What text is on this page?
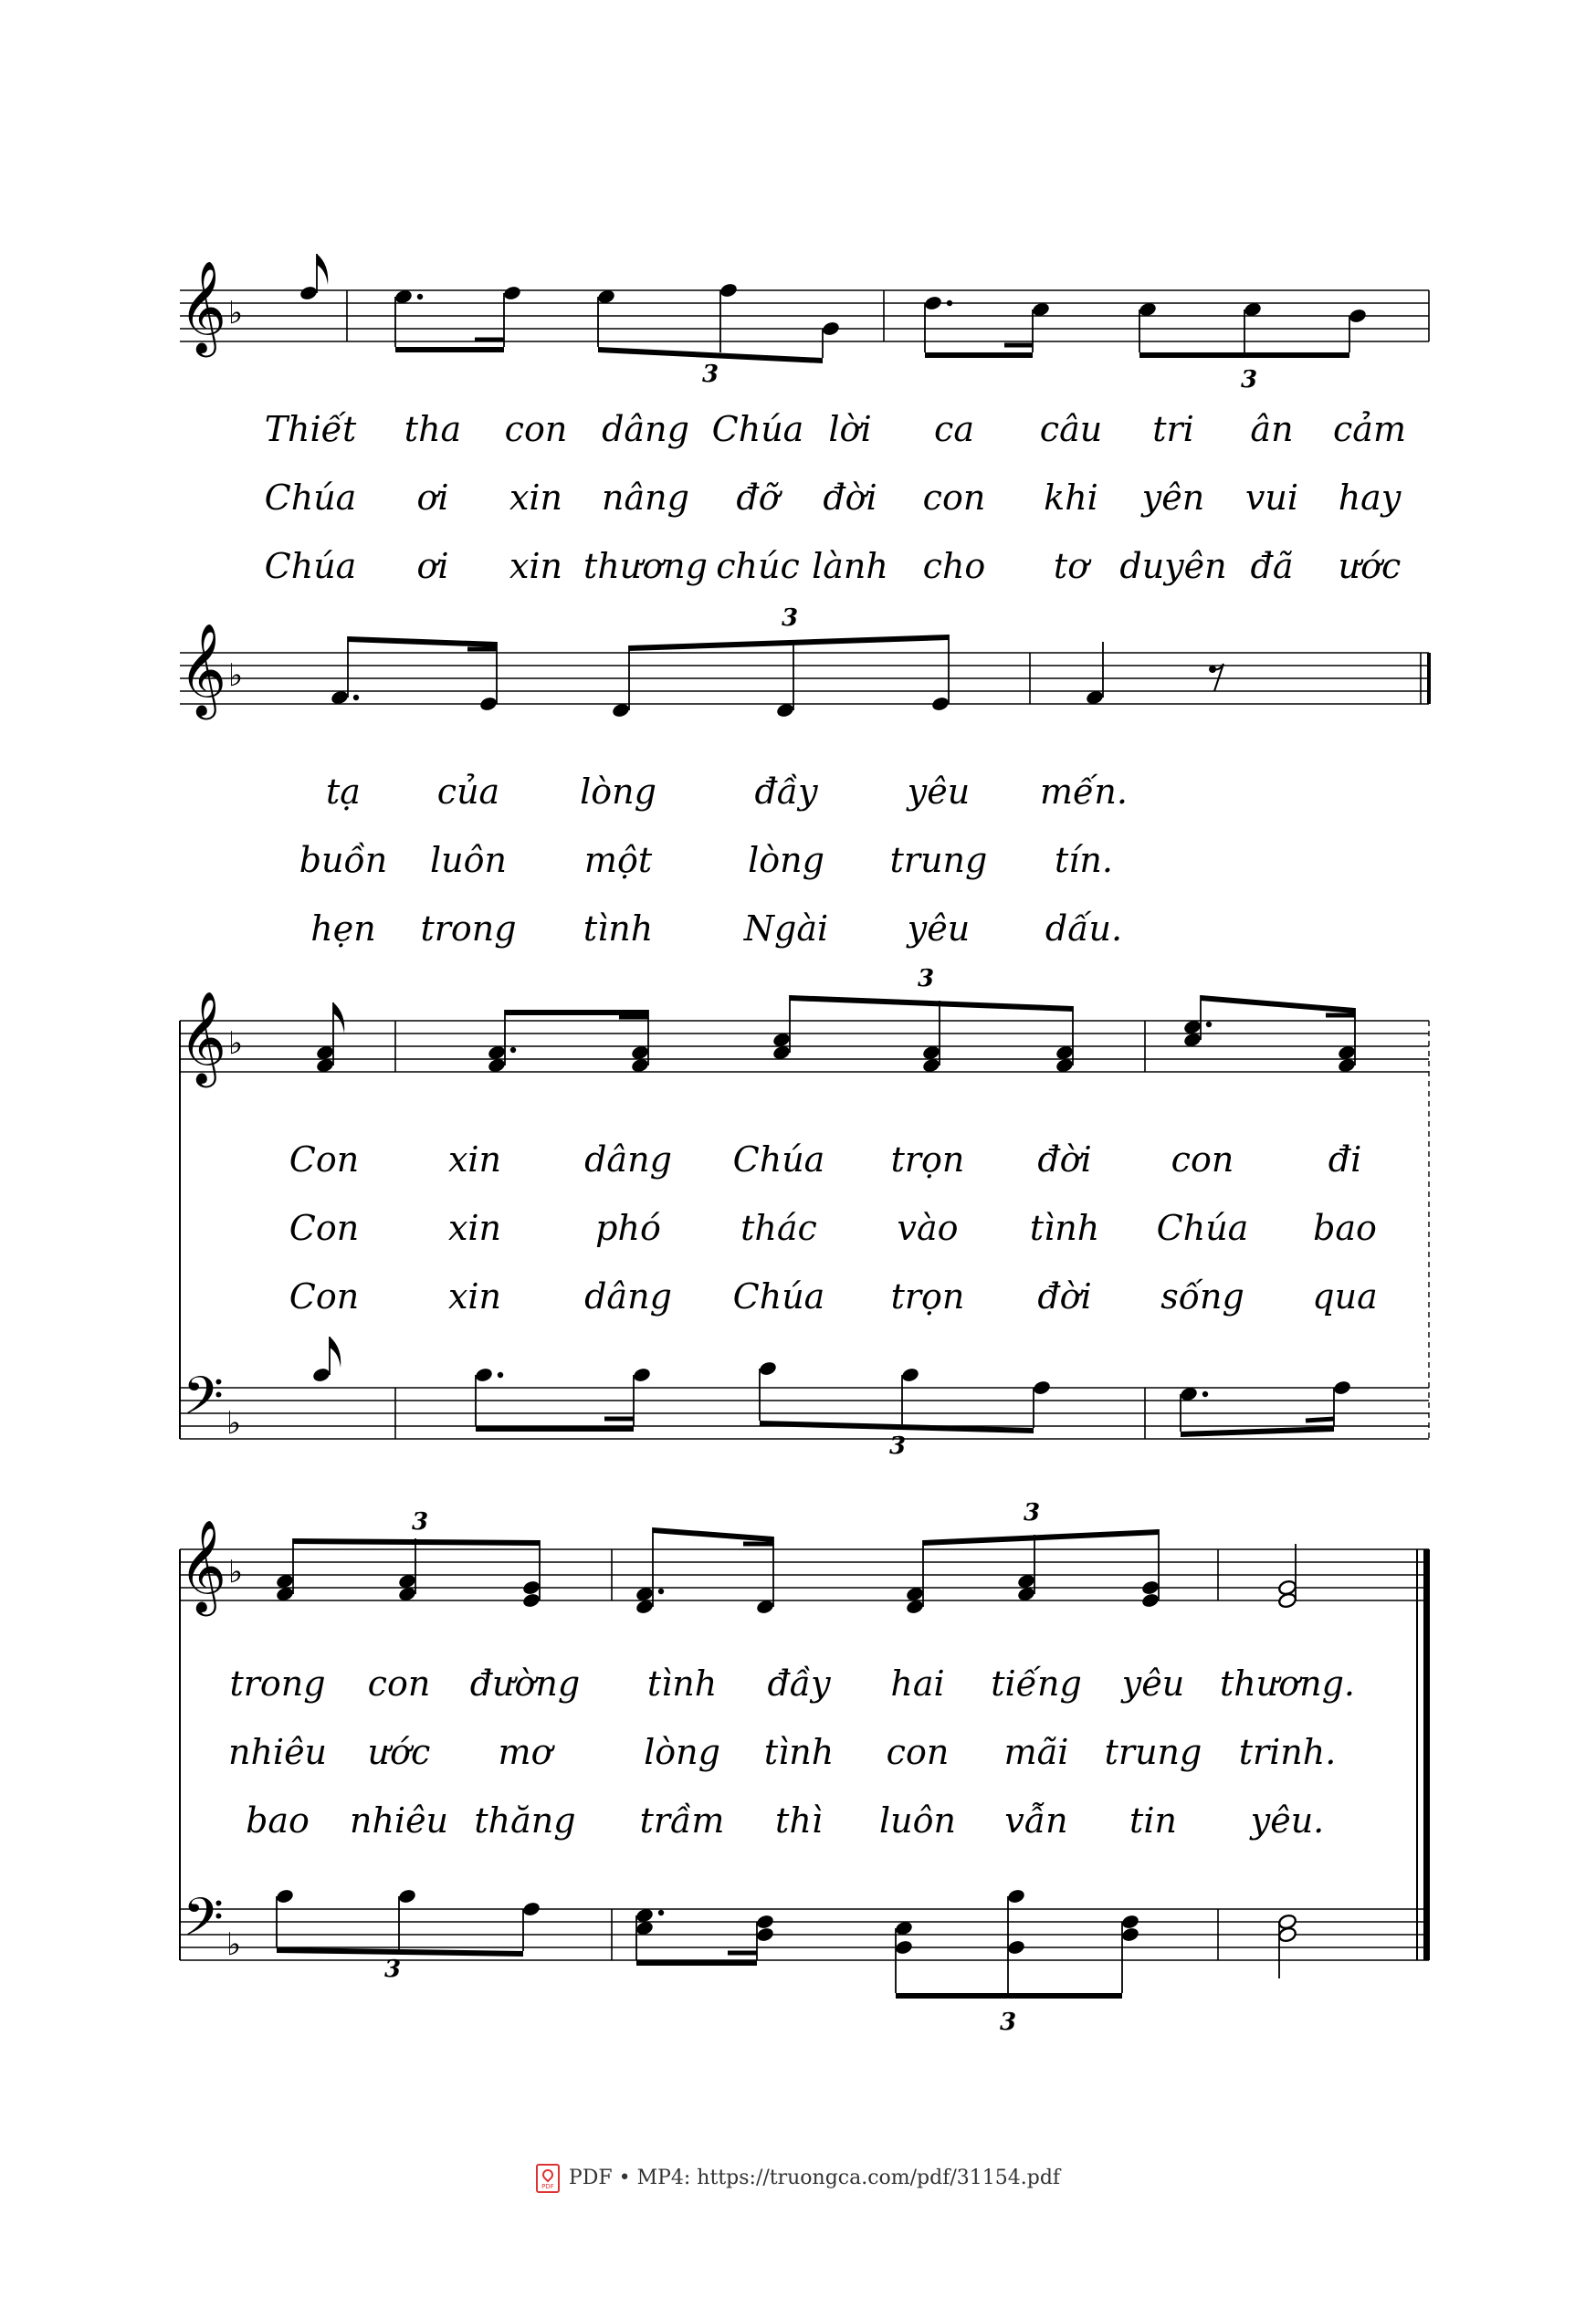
𝄞 ♭
3	3
Thiết tha con dâng Chúa lời ca câu tri ân cảm
Chúa ơi xin nâng đỡ đời con khi yên vui hay
Chúa ơi xin thương chúc lành cho tơ duyên đã ước
𝄞 ♭
3
tạ của lòng	đầy	yêu mến.
buồn luôn một	lòng trung tín.
hẹn trong tình	Ngài yêu dấu.
𝄞 ♭
𝄢 ♭
3
3
Con	xin dâng Chúa trọn đời con	đi
Con	xin	phó thác vào tình Chúa bao
Con	xin dâng Chúa trọn đời sống qua
𝄞 ♭
𝄢 ♭
3	3
3
3
trong con đường tình đầy hai tiếng yêu thương.
nhiêu ước mơ	lòng tình con mãi trung trinh.
bao nhiêu thăng trầm thì luôn vẫn tin yêu.
PDFPDF • MP4: https://truongca.com/pdf/31154.pdf
